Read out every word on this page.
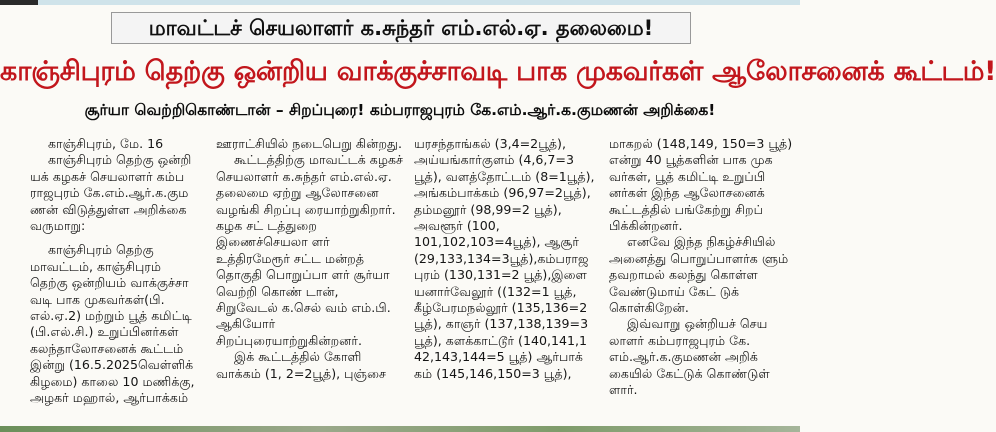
மாவட்டச் செயலாளர் க.சுந்தர் எம்.எல்.ஏ. தலைமை!
காஞ்சிபுரம் தெற்கு ஒன்றிய வாக்குச்சாவடி பாக முகவர்கள் ஆலோசனைக் கூட்டம்!
சூர்யா வெற்றிகொண்டான் – சிறப்புரை! கம்பராஜபுரம் கே.எம்.ஆர்.க.குமணன் அறிக்கை!

காஞ்சிபுரம், மே. 16

காஞ்சிபுரம் தெற்கு ஒன்றி யக் கழகச் செயலாளர் கம்ப ராஜபுரம் கே.எம்.ஆர்.க.கும ணன் விடுத்துள்ள அறிக்கை வருமாறு:

காஞ்சிபுரம் தெற்கு மாவட்டம், காஞ்சிபுரம் தெற்கு ஒன்றியம் வாக்குச்சா வடி பாக முகவர்கள்(பி. எல்.ஏ.2) மற்றும் பூத் கமிட்டி (பி.எல்.சி.) உறுப்பினர்கள் கலந்தாலோசனைக் கூட்டம் இன்று (16.5.2025வெள்ளிக் கிழமை) காலை 10 மணிக்கு, அழகர் மஹால், ஆர்பாக்கம்

ஊராட்சியில் நடைபெறு கின்றது.

கூட்டத்திற்கு மாவட்டக் கழகச் செயலாளர் க.சுந்தர் எம்.எல்.ஏ. தலைமை ஏற்று ஆலோசனை வழங்கி சிறப்பு ரையாற்றுகிறார். கழக சட் டத்துறை இணைச்செயலா ளர் உத்திரமேரூர் சட்ட மன்றத் தொகுதி பொறுப்பா ளர் சூர்யா வெற்றி கொண் டான், சிறுவேடல் க.செல் வம் எம்.பி. ஆகியோர் சிறப்புரையாற்றுகின்றனர்.

இக் கூட்டத்தில் கோளி வாக்கம் (1, 2=2பூத்), புஞ்சை

யரசந்தாங்கல் (3,4=2பூத்), அய்யங்கார்குளம் (4,6,7=3 பூத்), வளத்தோட்டம் (8=1பூத்), அங்கம்பாக்கம் (96,97=2பூத்), தம்மனூர் (98,99=2 பூத்), அவளூர் (100, 101,102,103=4பூத்), ஆசூர் (29,133,134=3பூத்),கம்பராஜ புரம் (130,131=2 பூத்),இளை யனார்வேலூர் ((132=1 பூத், கீழ்பேரமநல்லூர் (135,136=2 பூத்), காஞர் (137,138,139=3 பூத்), களக்காட்டூர் (140,141,1 42,143,144=5 பூத்) ஆர்பாக் கம் (145,146,150=3 பூத்),

மாகறல் (148,149, 150=3 பூத்) என்று 40 பூத்களின் பாக முக வர்கள், பூத் கமிட்டி உறுப்பி னர்கள் இந்த ஆலோசனைக் கூட்டத்தில் பங்கேற்று சிறப் பிக்கின்றனர்.

எனவே இந்த நிகழ்ச்சியில் அனைத்து பொறுப்பாளர்க ளும் தவறாமல் கலந்து கொள்ள வேண்டுமாய் கேட் டுக் கொள்கிறேன்.

இவ்வாறு ஒன்றியச் செய லாளர் கம்பராஜபுரம் கே. எம்.ஆர்.க.குமணன் அறிக் கையில் கேட்டுக் கொண்டுள் ளார்.
